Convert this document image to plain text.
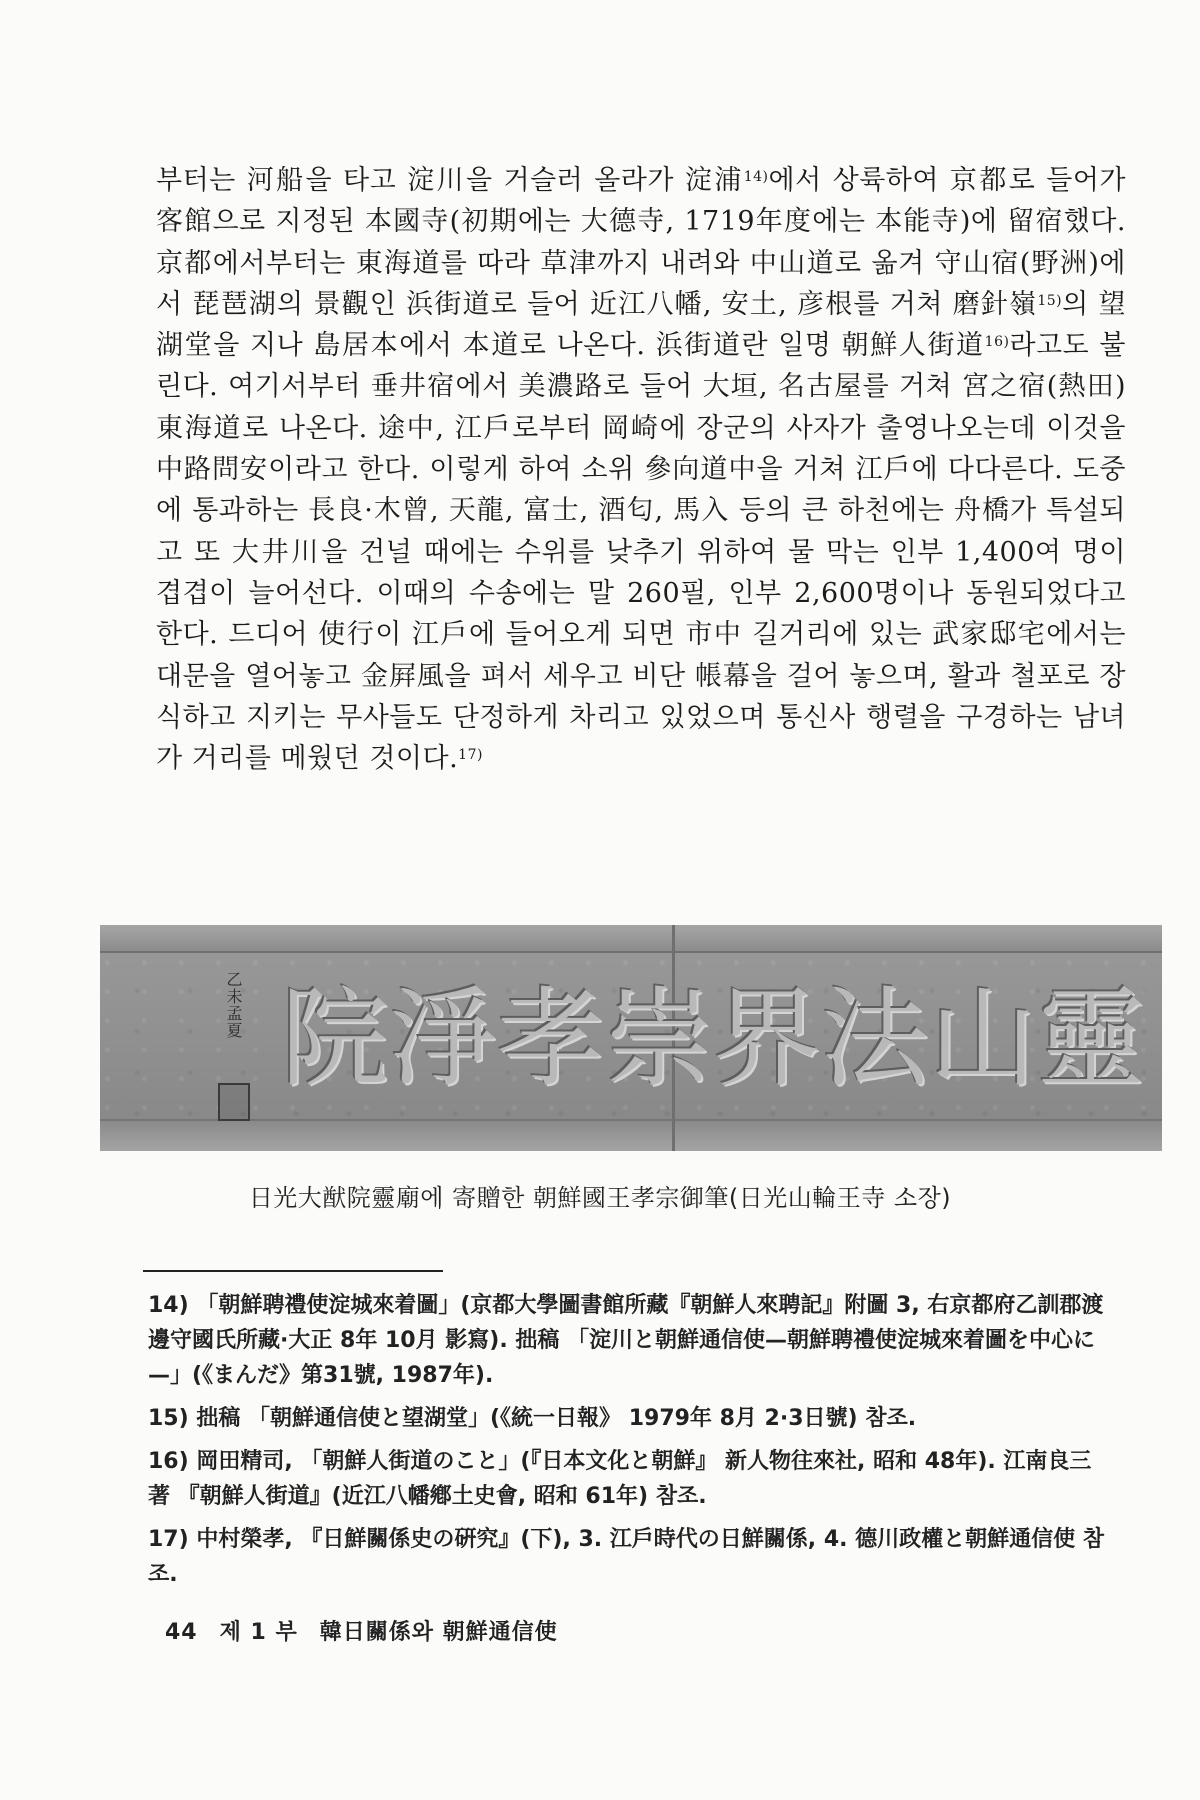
부터는 河船을 타고 淀川을 거슬러 올라가 淀浦$^{14)}$에서 상륙하여 京都로 들어가 客館으로 지정된 本國寺(初期에는 大德寺, 1719年度에는 本能寺)에 留宿했다. 京都에서부터는 東海道를 따라 草津까지 내려와 中山道로 옮겨 守山宿(野洲)에서 琵琶湖의 景觀인 浜街道로 들어 近江八幡, 安土, 彦根를 거쳐 磨針嶺$^{15)}$의 望湖堂을 지나 島居本에서 本道로 나온다. 浜街道란 일명 朝鮮人街道$^{16)}$라고도 불린다. 여기서부터 垂井宿에서 美濃路로 들어 大垣, 名古屋를 거쳐 宮之宿(熱田) 東海道로 나온다. 途中, 江戶로부터 岡崎에 장군의 사자가 출영나오는데 이것을 中路問安이라고 한다. 이렇게 하여 소위 參向道中을 거쳐 江戶에 다다른다. 도중에 통과하는 長良·木曾, 天龍, 富士, 酒匂, 馬入 등의 큰 하천에는 舟橋가 특설되고 또 大井川을 건널 때에는 수위를 낮추기 위하여 물 막는 인부 1,400여 명이 겹겹이 늘어선다. 이때의 수송에는 말 260필, 인부 2,600명이나 동원되었다고 한다. 드디어 使行이 江戶에 들어오게 되면 市中 길거리에 있는 武家邸宅에서는 대문을 열어놓고 金屛風을 펴서 세우고 비단 帳幕을 걸어 놓으며, 활과 철포로 장식하고 지키는 무사들도 단정하게 차리고 있었으며 통신사 행렬을 구경하는 남녀가 거리를 메웠던 것이다.$^{17)}$

乙未孟夏	靈
山
法
界
崇
孝
淨
院
日光大猷院靈廟에 寄贈한 朝鮮國王孝宗御筆(日光山輪王寺 소장)

14) 「朝鮮聘禮使淀城來着圖」(京都大學圖書館所藏『朝鮮人來聘記』附圖 3, 右京都府乙訓郡渡邊守國氏所藏·大正 8年 10月 影寫). 拙稿 「淀川と朝鮮通信使—朝鮮聘禮使淀城來着圖を中心に—」(《まんだ》第31號, 1987年).

15) 拙稿 「朝鮮通信使と望湖堂」(《統一日報》 1979年 8月 2·3日號) 참조.

16) 岡田精司, 「朝鮮人街道のこと」(『日本文化と朝鮮』 新人物往來社, 昭和 48年). 江南良三 著 『朝鮮人街道』(近江八幡鄕土史會, 昭和 61年) 참조.

17) 中村榮孝, 『日鮮關係史の硏究』(下), 3. 江戶時代の日鮮關係, 4. 德川政權と朝鮮通信使 참조.

44 제 1 부 韓日關係와 朝鮮通信使
